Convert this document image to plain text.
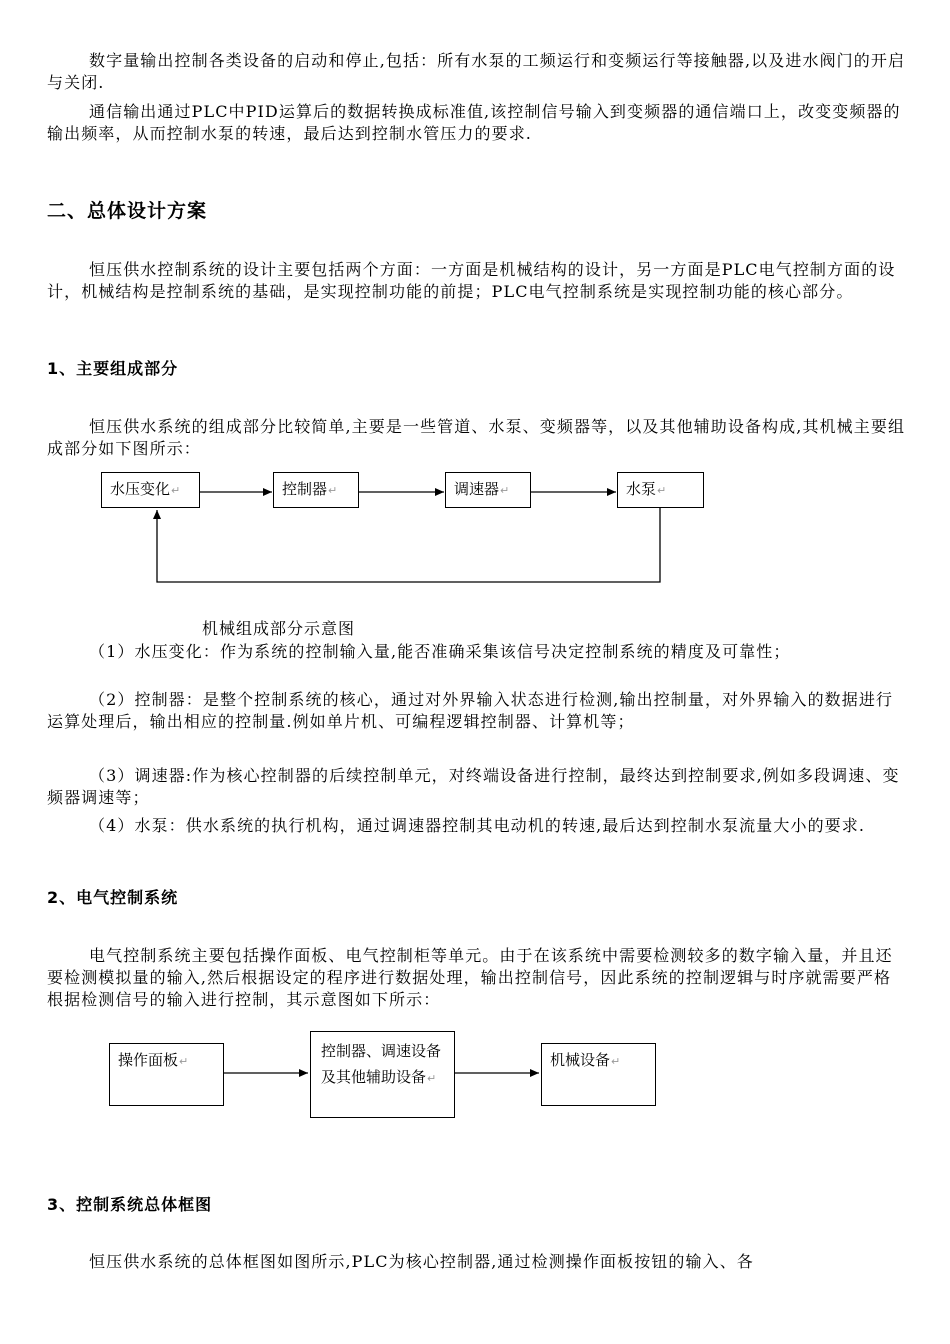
数字量输出控制各类设备的启动和停止,包括：所有水泵的工频运行和变频运行等接触器,以及进水阀门的开启与关闭.

通信输出通过PLC中PID运算后的数据转换成标准值,该控制信号输入到变频器的通信端口上，改变变频器的输出频率，从而控制水泵的转速，最后达到控制水管压力的要求.

二、总体设计方案

恒压供水控制系统的设计主要包括两个方面：一方面是机械结构的设计，另一方面是PLC电气控制方面的设计，机械结构是控制系统的基础，是实现控制功能的前提；PLC电气控制系统是实现控制功能的核心部分。

1、主要组成部分

恒压供水系统的组成部分比较简单,主要是一些管道、水泵、变频器等，以及其他辅助设备构成,其机械主要组成部分如下图所示：

水压变化↵	控制器↵	调速器↵	水泵↵
机械组成部分示意图

（1）水压变化：作为系统的控制输入量,能否准确采集该信号决定控制系统的精度及可靠性；

（2）控制器：是整个控制系统的核心，通过对外界输入状态进行检测,输出控制量，对外界输入的数据进行运算处理后，输出相应的控制量.例如单片机、可编程逻辑控制器、计算机等；

（3）调速器:作为核心控制器的后续控制单元，对终端设备进行控制，最终达到控制要求,例如多段调速、变频器调速等；

（4）水泵：供水系统的执行机构，通过调速器控制其电动机的转速,最后达到控制水泵流量大小的要求.

2、电气控制系统

电气控制系统主要包括操作面板、电气控制柜等单元。由于在该系统中需要检测较多的数字输入量，并且还要检测模拟量的输入,然后根据设定的程序进行数据处理，输出控制信号，因此系统的控制逻辑与时序就需要严格根据检测信号的输入进行控制，其示意图如下所示：

操作面板↵
控制器、调速设备及其他辅助设备↵
机械设备↵
3、控制系统总体框图

恒压供水系统的总体框图如图所示,PLC为核心控制器,通过检测操作面板按钮的输入、各
